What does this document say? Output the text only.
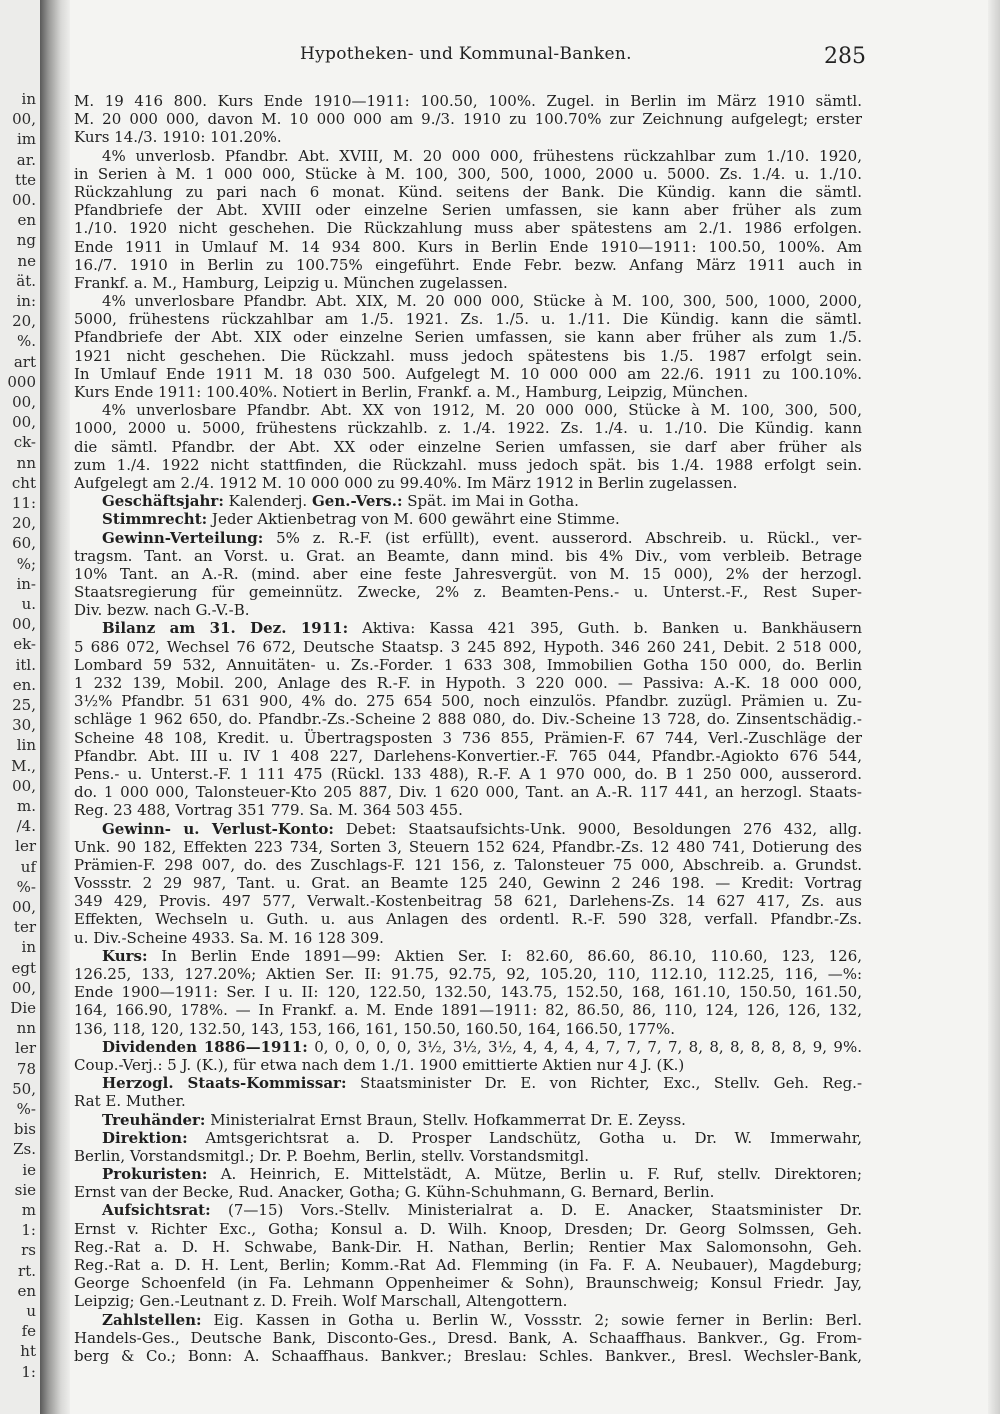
in
00,
im
ar.
tte
00.
en
ng
ne
ät.
in:
20,
%.
art
000
00,
00,
ck-
nn
cht
11:
20,
60,
%;
in-
u.
00,
ek-
itl.
en.
25,
30,
lin
M.,
00,
m.
/4.
ler
uf
%-
00,
ter
in
egt
00,
Die
nn
ler
78
50,
%-
bis
Zs.
ie
sie
m
1:
rs
rt.
en
u
fe
ht
1:
Hypotheken- und Kommunal-Banken.	285
M. 19 416 800. Kurs Ende 1910—1911: 100.50, 100%. Zugel. in Berlin im März 1910 sämtl.
M. 20 000 000, davon M. 10 000 000 am 9./3. 1910 zu 100.70% zur Zeichnung aufgelegt; erster
Kurs 14./3. 1910: 101.20%.
4% unverlosb. Pfandbr. Abt. XVIII, M. 20 000 000, frühestens rückzahlbar zum 1./10. 1920,
in Serien à M. 1 000 000, Stücke à M. 100, 300, 500, 1000, 2000 u. 5000. Zs. 1./4. u. 1./10.
Rückzahlung zu pari nach 6 monat. Künd. seitens der Bank. Die Kündig. kann die sämtl.
Pfandbriefe der Abt. XVIII oder einzelne Serien umfassen, sie kann aber früher als zum
1./10. 1920 nicht geschehen. Die Rückzahlung muss aber spätestens am 2./1. 1986 erfolgen.
Ende 1911 in Umlauf M. 14 934 800. Kurs in Berlin Ende 1910—1911: 100.50, 100%. Am
16./7. 1910 in Berlin zu 100.75% eingeführt. Ende Febr. bezw. Anfang März 1911 auch in
Frankf. a. M., Hamburg, Leipzig u. München zugelassen.
4% unverlosbare Pfandbr. Abt. XIX, M. 20 000 000, Stücke à M. 100, 300, 500, 1000, 2000,
5000, frühestens rückzahlbar am 1./5. 1921. Zs. 1./5. u. 1./11. Die Kündig. kann die sämtl.
Pfandbriefe der Abt. XIX oder einzelne Serien umfassen, sie kann aber früher als zum 1./5.
1921 nicht geschehen. Die Rückzahl. muss jedoch spätestens bis 1./5. 1987 erfolgt sein.
In Umlauf Ende 1911 M. 18 030 500. Aufgelegt M. 10 000 000 am 22./6. 1911 zu 100.10%.
Kurs Ende 1911: 100.40%. Notiert in Berlin, Frankf. a. M., Hamburg, Leipzig, München.
4% unverlosbare Pfandbr. Abt. XX von 1912, M. 20 000 000, Stücke à M. 100, 300, 500,
1000, 2000 u. 5000, frühestens rückzahlb. z. 1./4. 1922. Zs. 1./4. u. 1./10. Die Kündig. kann
die sämtl. Pfandbr. der Abt. XX oder einzelne Serien umfassen, sie darf aber früher als
zum 1./4. 1922 nicht stattfinden, die Rückzahl. muss jedoch spät. bis 1./4. 1988 erfolgt sein.
Aufgelegt am 2./4. 1912 M. 10 000 000 zu 99.40%. Im März 1912 in Berlin zugelassen.
Geschäftsjahr: Kalenderj. Gen.-Vers.: Spät. im Mai in Gotha.
Stimmrecht: Jeder Aktienbetrag von M. 600 gewährt eine Stimme.
Gewinn-Verteilung: 5% z. R.-F. (ist erfüllt), event. ausserord. Abschreib. u. Rückl., ver-
tragsm. Tant. an Vorst. u. Grat. an Beamte, dann mind. bis 4% Div., vom verbleib. Betrage
10% Tant. an A.-R. (mind. aber eine feste Jahresvergüt. von M. 15 000), 2% der herzogl.
Staatsregierung für gemeinnütz. Zwecke, 2% z. Beamten-Pens.- u. Unterst.-F., Rest Super-
Div. bezw. nach G.-V.-B.
Bilanz am 31. Dez. 1911: Aktiva: Kassa 421 395, Guth. b. Banken u. Bankhäusern
5 686 072, Wechsel 76 672, Deutsche Staatsp. 3 245 892, Hypoth. 346 260 241, Debit. 2 518 000,
Lombard 59 532, Annuitäten- u. Zs.-Forder. 1 633 308, Immobilien Gotha 150 000, do. Berlin
1 232 139, Mobil. 200, Anlage des R.-F. in Hypoth. 3 220 000. — Passiva: A.-K. 18 000 000,
3½% Pfandbr. 51 631 900, 4% do. 275 654 500, noch einzulös. Pfandbr. zuzügl. Prämien u. Zu-
schläge 1 962 650, do. Pfandbr.-Zs.-Scheine 2 888 080, do. Div.-Scheine 13 728, do. Zinsentschädig.-
Scheine 48 108, Kredit. u. Übertragsposten 3 736 855, Prämien-F. 67 744, Verl.-Zuschläge der
Pfandbr. Abt. III u. IV 1 408 227, Darlehens-Konvertier.-F. 765 044, Pfandbr.-Agiokto 676 544,
Pens.- u. Unterst.-F. 1 111 475 (Rückl. 133 488), R.-F. A 1 970 000, do. B 1 250 000, ausserord.
do. 1 000 000, Talonsteuer-Kto 205 887, Div. 1 620 000, Tant. an A.-R. 117 441, an herzogl. Staats-
Reg. 23 488, Vortrag 351 779. Sa. M. 364 503 455.
Gewinn- u. Verlust-Konto: Debet: Staatsaufsichts-Unk. 9000, Besoldungen 276 432, allg.
Unk. 90 182, Effekten 223 734, Sorten 3, Steuern 152 624, Pfandbr.-Zs. 12 480 741, Dotierung des
Prämien-F. 298 007, do. des Zuschlags-F. 121 156, z. Talonsteuer 75 000, Abschreib. a. Grundst.
Vossstr. 2 29 987, Tant. u. Grat. an Beamte 125 240, Gewinn 2 246 198. — Kredit: Vortrag
349 429, Provis. 497 577, Verwalt.-Kostenbeitrag 58 621, Darlehens-Zs. 14 627 417, Zs. aus
Effekten, Wechseln u. Guth. u. aus Anlagen des ordentl. R.-F. 590 328, verfall. Pfandbr.-Zs.
u. Div.-Scheine 4933. Sa. M. 16 128 309.
Kurs: In Berlin Ende 1891—99: Aktien Ser. I: 82.60, 86.60, 86.10, 110.60, 123, 126,
126.25, 133, 127.20%; Aktien Ser. II: 91.75, 92.75, 92, 105.20, 110, 112.10, 112.25, 116, —%:
Ende 1900—1911: Ser. I u. II: 120, 122.50, 132.50, 143.75, 152.50, 168, 161.10, 150.50, 161.50,
164, 166.90, 178%. — In Frankf. a. M. Ende 1891—1911: 82, 86.50, 86, 110, 124, 126, 126, 132,
136, 118, 120, 132.50, 143, 153, 166, 161, 150.50, 160.50, 164, 166.50, 177%.
Dividenden 1886—1911: 0, 0, 0, 0, 0, 3½, 3½, 3½, 4, 4, 4, 4, 7, 7, 7, 7, 8, 8, 8, 8, 8, 8, 9, 9%.
Coup.-Verj.: 5 J. (K.), für etwa nach dem 1./1. 1900 emittierte Aktien nur 4 J. (K.)
Herzogl. Staats-Kommissar: Staatsminister Dr. E. von Richter, Exc., Stellv. Geh. Reg.-
Rat E. Muther.
Treuhänder: Ministerialrat Ernst Braun, Stellv. Hofkammerrat Dr. E. Zeyss.
Direktion: Amtsgerichtsrat a. D. Prosper Landschütz, Gotha u. Dr. W. Immerwahr,
Berlin, Vorstandsmitgl.; Dr. P. Boehm, Berlin, stellv. Vorstandsmitgl.
Prokuristen: A. Heinrich, E. Mittelstädt, A. Mütze, Berlin u. F. Ruf, stellv. Direktoren;
Ernst van der Becke, Rud. Anacker, Gotha; G. Kühn-Schuhmann, G. Bernard, Berlin.
Aufsichtsrat: (7—15) Vors.-Stellv. Ministerialrat a. D. E. Anacker, Staatsminister Dr.
Ernst v. Richter Exc., Gotha; Konsul a. D. Wilh. Knoop, Dresden; Dr. Georg Solmssen, Geh.
Reg.-Rat a. D. H. Schwabe, Bank-Dir. H. Nathan, Berlin; Rentier Max Salomonsohn, Geh.
Reg.-Rat a. D. H. Lent, Berlin; Komm.-Rat Ad. Flemming (in Fa. F. A. Neubauer), Magdeburg;
George Schoenfeld (in Fa. Lehmann Oppenheimer & Sohn), Braunschweig; Konsul Friedr. Jay,
Leipzig; Gen.-Leutnant z. D. Freih. Wolf Marschall, Altengottern.
Zahlstellen: Eig. Kassen in Gotha u. Berlin W., Vossstr. 2; sowie ferner in Berlin: Berl.
Handels-Ges., Deutsche Bank, Disconto-Ges., Dresd. Bank, A. Schaaffhaus. Bankver., Gg. From-
berg & Co.; Bonn: A. Schaaffhaus. Bankver.; Breslau: Schles. Bankver., Bresl. Wechsler-Bank,
